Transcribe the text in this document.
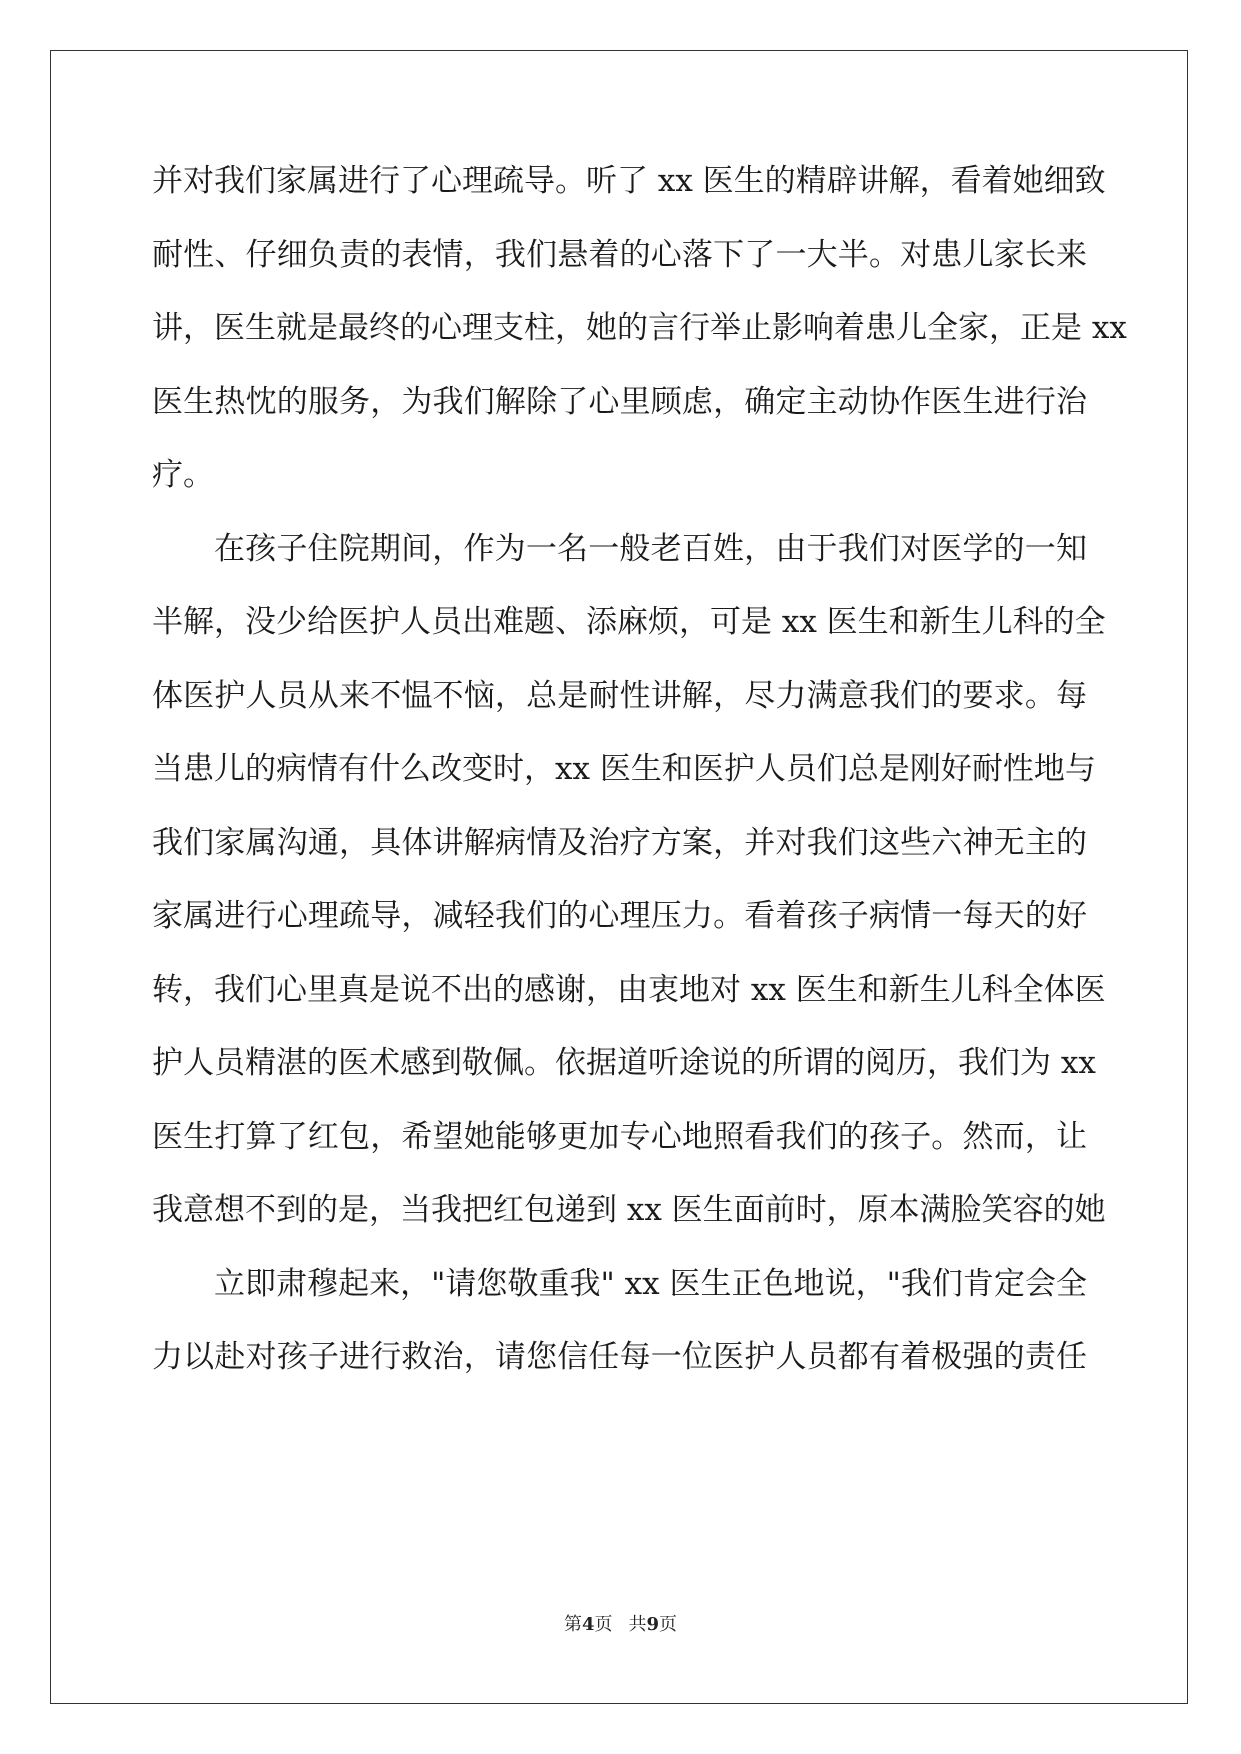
并对我们家属进行了心理疏导。听了 xx 医生的精辟讲解，看着她细致
耐性、仔细负责的表情，我们悬着的心落下了一大半。对患儿家长来
讲，医生就是最终的心理支柱，她的言行举止影响着患儿全家，正是 xx
医生热忱的服务，为我们解除了心里顾虑，确定主动协作医生进行治
疗。
在孩子住院期间，作为一名一般老百姓，由于我们对医学的一知
半解，没少给医护人员出难题、添麻烦，可是 xx 医生和新生儿科的全
体医护人员从来不愠不恼，总是耐性讲解，尽力满意我们的要求。每
当患儿的病情有什么改变时，xx 医生和医护人员们总是刚好耐性地与
我们家属沟通，具体讲解病情及治疗方案，并对我们这些六神无主的
家属进行心理疏导，减轻我们的心理压力。看着孩子病情一每天的好
转，我们心里真是说不出的感谢，由衷地对 xx 医生和新生儿科全体医
护人员精湛的医术感到敬佩。依据道听途说的所谓的阅历，我们为 xx
医生打算了红包，希望她能够更加专心地照看我们的孩子。然而，让
我意想不到的是，当我把红包递到 xx 医生面前时，原本满脸笑容的她
立即肃穆起来，"请您敬重我" xx 医生正色地说，"我们肯定会全
力以赴对孩子进行救治，请您信任每一位医护人员都有着极强的责任
第4页 共9页
